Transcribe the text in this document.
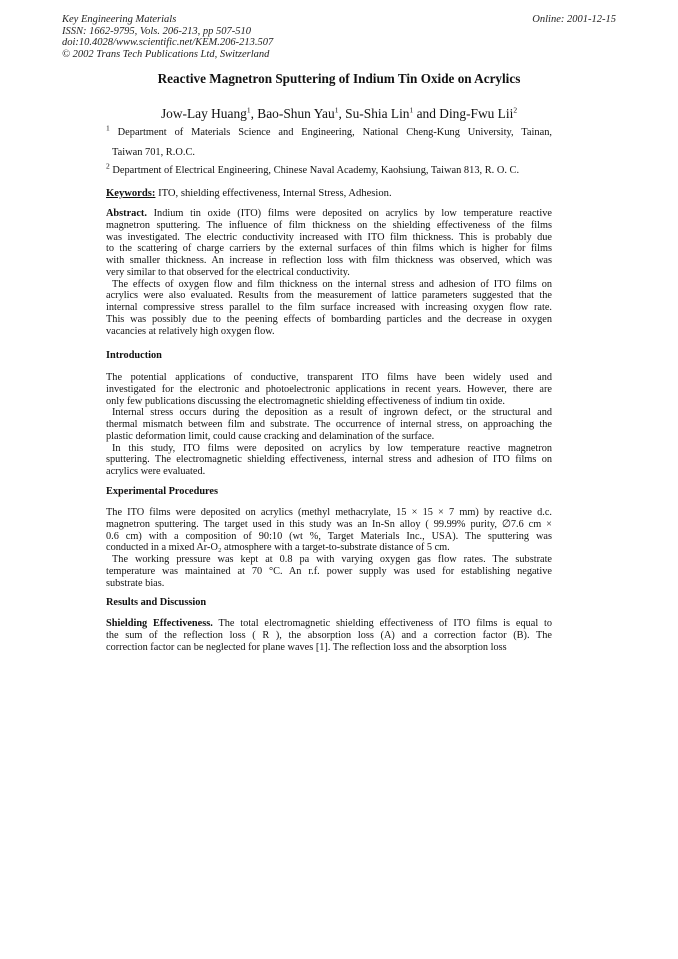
Key Engineering Materials
ISSN: 1662-9795, Vols. 206-213, pp 507-510
doi:10.4028/www.scientific.net/KEM.206-213.507
© 2002 Trans Tech Publications Ltd, Switzerland
Online: 2001-12-15
Reactive Magnetron Sputtering of Indium Tin Oxide on Acrylics
Jow-Lay Huang$^1$, Bao-Shun Yau$^1$, Su-Shia Lin$^1$ and Ding-Fwu Lii$^2$
$^1$ Department of Materials Science and Engineering, National Cheng-Kung University, Tainan,
Taiwan 701, R.O.C.
$^2$ Department of Electrical Engineering, Chinese Naval Academy, Kaohsiung, Taiwan 813, R. O. C.
Keywords: ITO, shielding effectiveness, Internal Stress, Adhesion.
Abstract. Indium tin oxide (ITO) films were deposited on acrylics by low temperature reactive
magnetron sputtering. The influence of film thickness on the shielding effectiveness of the films
was investigated. The electric conductivity increased with ITO film thickness. This is probably due
to the scattering of charge carriers by the external surfaces of thin films which is higher for films
with smaller thickness. An increase in reflection loss with film thickness was observed, which was
very similar to that observed for the electrical conductivity.
The effects of oxygen flow and film thickness on the internal stress and adhesion of ITO films on
acrylics were also evaluated. Results from the measurement of lattice parameters suggested that the
internal compressive stress parallel to the film surface increased with increasing oxygen flow rate.
This was possibly due to the peening effects of bombarding particles and the decrease in oxygen
vacancies at relatively high oxygen flow.
Introduction
The potential applications of conductive, transparent ITO films have been widely used and
investigated for the electronic and photoelectronic applications in recent years. However, there are
only few publications discussing the electromagnetic shielding effectiveness of indium tin oxide.
Internal stress occurs during the deposition as a result of ingrown defect, or the structural and
thermal mismatch between film and substrate. The occurrence of internal stress, on approaching the
plastic deformation limit, could cause cracking and delamination of the surface.
In this study, ITO films were deposited on acrylics by low temperature reactive magnetron
sputtering. The electromagnetic shielding effectiveness, internal stress and adhesion of ITO films on
acrylics were evaluated.
Experimental Procedures
The ITO films were deposited on acrylics (methyl methacrylate, 15 × 15 × 7 mm) by reactive d.c.
magnetron sputtering. The target used in this study was an In-Sn alloy ( 99.99% purity, ∅7.6 cm ×
0.6 cm) with a composition of 90:10 (wt %, Target Materials Inc., USA). The sputtering was
conducted in a mixed Ar-O₂ atmosphere with a target-to-substrate distance of 5 cm.
The working pressure was kept at 0.8 pa with varying oxygen gas flow rates. The substrate
temperature was maintained at 70 °C. An r.f. power supply was used for establishing negative
substrate bias.
Results and Discussion
Shielding Effectiveness. The total electromagnetic shielding effectiveness of ITO films is equal to
the sum of the reflection loss ( R ), the absorption loss (A) and a correction factor (B). The
correction factor can be neglected for plane waves [1]. The reflection loss and the absorption loss
